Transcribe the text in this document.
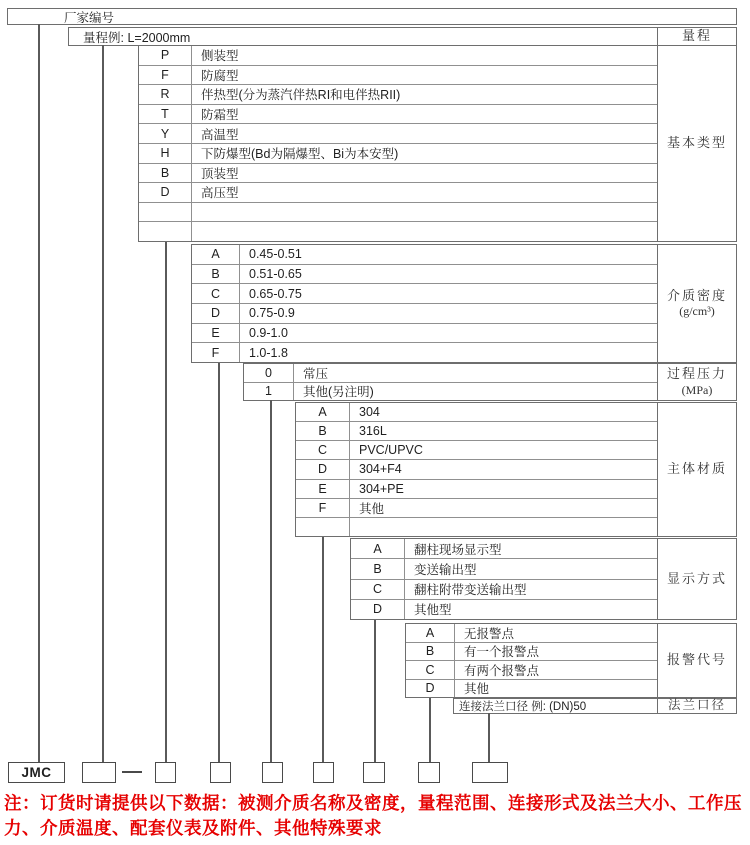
厂家编号
量程例: L=2000mm	量程
P	侧装型
F	防腐型
R	伴热型(分为蒸汽伴热RI和电伴热RII)
T	防霜型
Y	高温型
H	下防爆型(Bd为隔爆型、Bi为本安型)
B	顶装型
D	高压型
基本类型
A	0.45-0.51
B	0.51-0.65
C	0.65-0.75
D	0.75-0.9
E	0.9-1.0
F	1.0-1.8
介质密度
(g/cm³)
0	常压
1	其他(另注明)
过程压力
(MPa)
A	304
B	316L
C	PVC/UPVC
D	304+F4
E	304+PE
F	其他
主体材质
A	翻柱现场显示型
B	变送输出型
C	翻柱附带变送输出型
D	其他型
显示方式
A	无报警点
B	有一个报警点
C	有两个报警点
D	其他
报警代号
连接法兰口径 例: (DN)50	法兰口径
JMC
注：订货时请提供以下数据：被测介质名称及密度，量程范围、连接形式及法兰大小、工作压力、介质温度、配套仪表及附件、其他特殊要求
